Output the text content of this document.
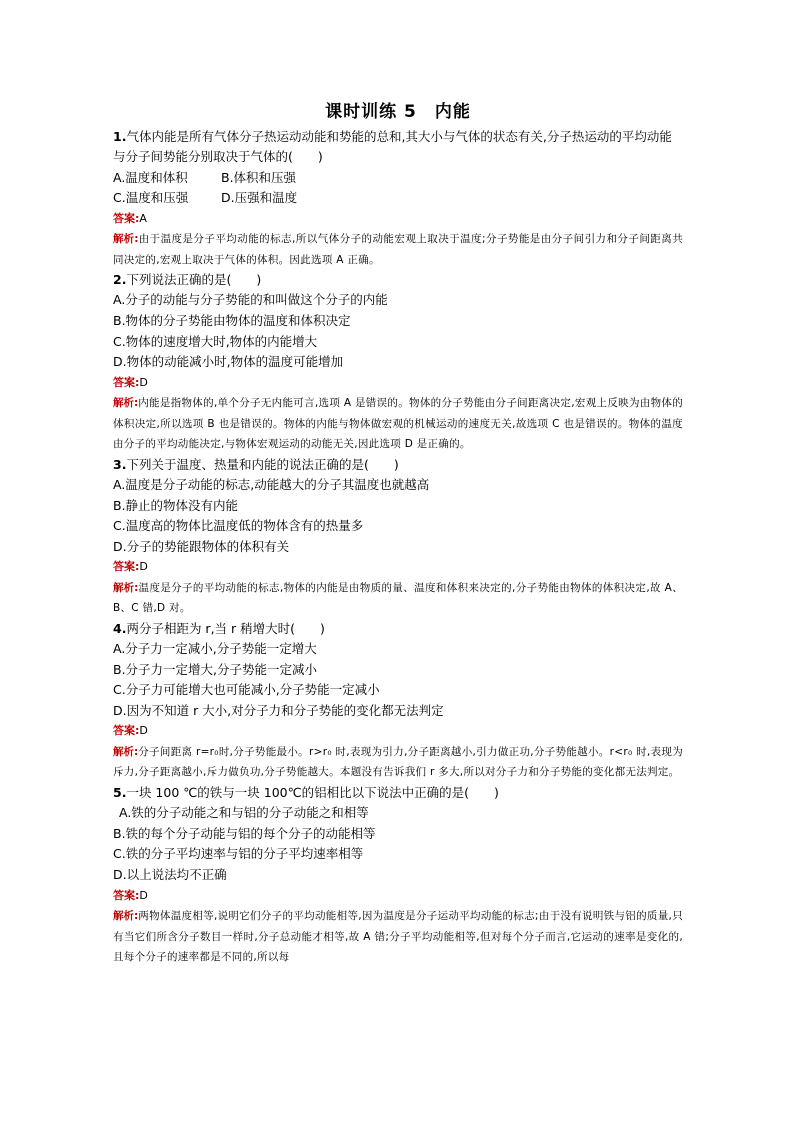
课时训练 5　内能

1.气体内能是所有气体分子热运动动能和势能的总和,其大小与气体的状态有关,分子热运动的平均动能与分子间势能分别取决于气体的(　　)

A.温度和体积	B.体积和压强
C.温度和压强	D.压强和温度

答案:A

解析:由于温度是分子平均动能的标志,所以气体分子的动能宏观上取决于温度;分子势能是由分子间引力和分子间距离共同决定的,宏观上取决于气体的体积。因此选项 A 正确。

2.下列说法正确的是(　　)

A.分子的动能与分子势能的和叫做这个分子的内能

B.物体的分子势能由物体的温度和体积决定

C.物体的速度增大时,物体的内能增大

D.物体的动能减小时,物体的温度可能增加

答案:D

解析:内能是指物体的,单个分子无内能可言,选项 A 是错误的。物体的分子势能由分子间距离决定,宏观上反映为由物体的体积决定,所以选项 B 也是错误的。物体的内能与物体做宏观的机械运动的速度无关,故选项 C 也是错误的。物体的温度由分子的平均动能决定,与物体宏观运动的动能无关,因此选项 D 是正确的。

3.下列关于温度、热量和内能的说法正确的是(　　)

A.温度是分子动能的标志,动能越大的分子其温度也就越高

B.静止的物体没有内能

C.温度高的物体比温度低的物体含有的热量多

D.分子的势能跟物体的体积有关

答案:D

解析:温度是分子的平均动能的标志,物体的内能是由物质的量、温度和体积来决定的,分子势能由物体的体积决定,故 A、B、C 错,D 对。

4.两分子相距为 r,当 r 稍增大时(　　)

A.分子力一定减小,分子势能一定增大

B.分子力一定增大,分子势能一定减小

C.分子力可能增大也可能减小,分子势能一定减小

D.因为不知道 r 大小,对分子力和分子势能的变化都无法判定

答案:D

解析:分子间距离 r=r₀时,分子势能最小。r>r₀ 时,表现为引力,分子距离越小,引力做正功,分子势能越小。r<r₀ 时,表现为斥力,分子距离越小,斥力做负功,分子势能越大。本题没有告诉我们 r 多大,所以对分子力和分子势能的变化都无法判定。

5.一块 100 ℃的铁与一块 100℃的铝相比以下说法中正确的是(　　)

A.铁的分子动能之和与铝的分子动能之和相等

B.铁的每个分子动能与铝的每个分子的动能相等

C.铁的分子平均速率与铝的分子平均速率相等

D.以上说法均不正确

答案:D

解析:两物体温度相等,说明它们分子的平均动能相等,因为温度是分子运动平均动能的标志;由于没有说明铁与铝的质量,只有当它们所含分子数目一样时,分子总动能才相等,故 A 错;分子平均动能相等,但对每个分子而言,它运动的速率是变化的,且每个分子的速率都是不同的,所以每
